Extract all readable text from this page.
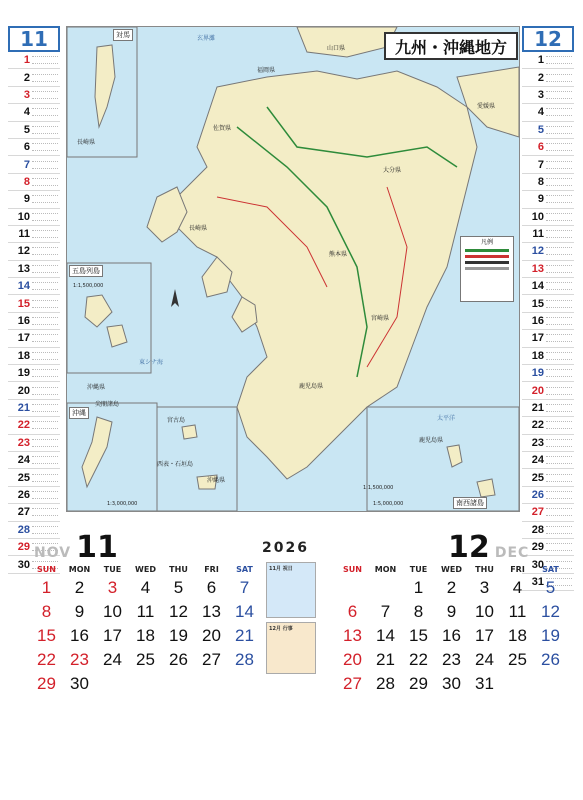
11
1
2
3
4
5
6
7
8
9
10
11
12
13
14
15
16
17
18
19
20
21
22
23
24
25
26
27
28
29
30
対馬
長崎県
五島列島
1:1,500,000
沖縄
沖縄県
尖閣諸島
宮古島
西表・石垣島
沖縄県
1:3,000,000
福岡県
佐賀県
長崎県
熊本県
大分県
宮崎県
鹿児島県
山口県
愛媛県
東シナ海
太平洋
玄界灘
1:1,500,000
鹿児島県
南西諸島
1:5,000,000
九州・沖縄地方
凡例
12
1
2
3
4
5
6
7
8
9
10
11
12
13
14
15
16
17
18
19
20
21
22
23
24
25
26
27
28
29
30
31
NOV 11	2026	12 DEC
SUN	MON	TUE	WED	THU	FRI	SAT
1	2	3	4	5	6	7
8	9	10	11	12	13	14
15	16	17	18	19	20	21
22	23	24	25	26	27	28
29	30					
11月 祝日
12月 行事
SUN	MON	TUE	WED	THU	FRI	SAT
		1	2	3	4	5
6	7	8	9	10	11	12
13	14	15	16	17	18	19
20	21	22	23	24	25	26
27	28	29	30	31		
